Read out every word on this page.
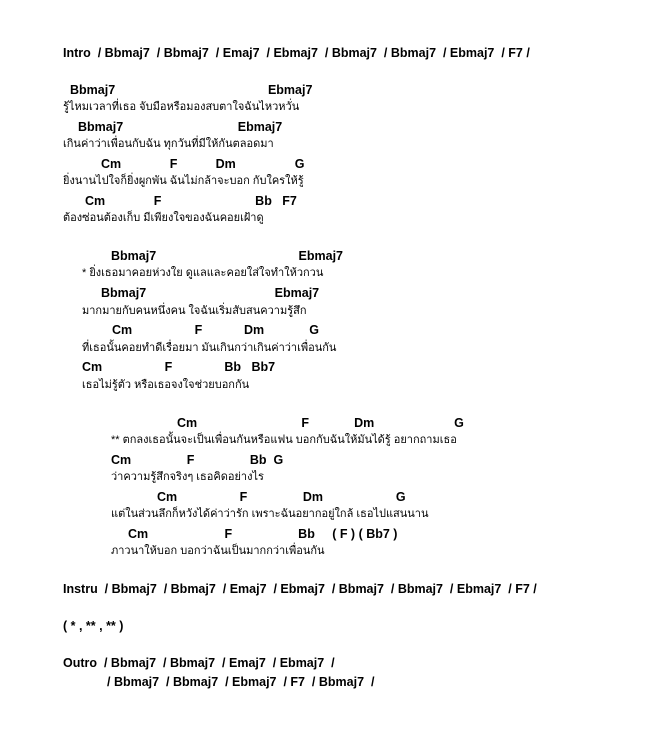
Intro  / Bbmaj7  / Bbmaj7  / Emaj7  / Ebmaj7  / Bbmaj7  / Bbmaj7  / Ebmaj7  / F7 /
Bbmaj7                                            Ebmaj7
รู้ไหมเวลาที่เธอ จับมือหรือมองสบตาใจฉันไหวหวั่น
Bbmaj7                                 Ebmaj7
เกินค่าว่าเพื่อนกับฉัน ทุกวันที่มีให้กันตลอดมา
Cm              F           Dm                 G
ยิ่งนานไปใจก็ยิ่งผูกพัน ฉันไม่กล้าจะบอก กับใครให้รู้
Cm              F                           Bb   F7
ต้องซ่อนต้องเก็บ มีเพียงใจของฉันคอยเฝ้าดู
Bbmaj7                                         Ebmaj7
* ยิ่งเธอมาคอยห่วงใย ดูแลและคอยใส่ใจทำให้วกวน
Bbmaj7                                     Ebmaj7
มากมายกับคนหนึ่งคน ใจฉันเริ่มสับสนความรู้สึก
Cm                  F            Dm             G
ที่เธอนั้นคอยทำดีเรื่อยมา มันเกินกว่าเกินค่าว่าเพื่อนกัน
Cm                  F               Bb   Bb7
เธอไม่รู้ตัว หรือเธอจงใจช่วยบอกกัน
Cm                              F             Dm                       G
** ตกลงเธอนั้นจะเป็นเพื่อนกันหรือแฟน บอกกับฉันให้มันได้รู้ อยากถามเธอ
Cm                F                Bb  G
ว่าความรู้สึกจริงๆ เธอคิดอย่างไร
Cm                  F                Dm                     G
แต่ในส่วนลึกก็หวังได้ค่าว่ารัก เพราะฉันอยากอยู่ใกล้ เธอไปแสนนาน
Cm                      F                   Bb     ( F ) ( Bb7 )
ภาวนาให้บอก บอกว่าฉันเป็นมากกว่าเพื่อนกัน
Instru  / Bbmaj7  / Bbmaj7  / Emaj7  / Ebmaj7  / Bbmaj7  / Bbmaj7  / Ebmaj7  / F7 /
( * , ** , ** )
Outro  / Bbmaj7  / Bbmaj7  / Emaj7  / Ebmaj7  /
/ Bbmaj7  / Bbmaj7  / Ebmaj7  / F7  / Bbmaj7  /
